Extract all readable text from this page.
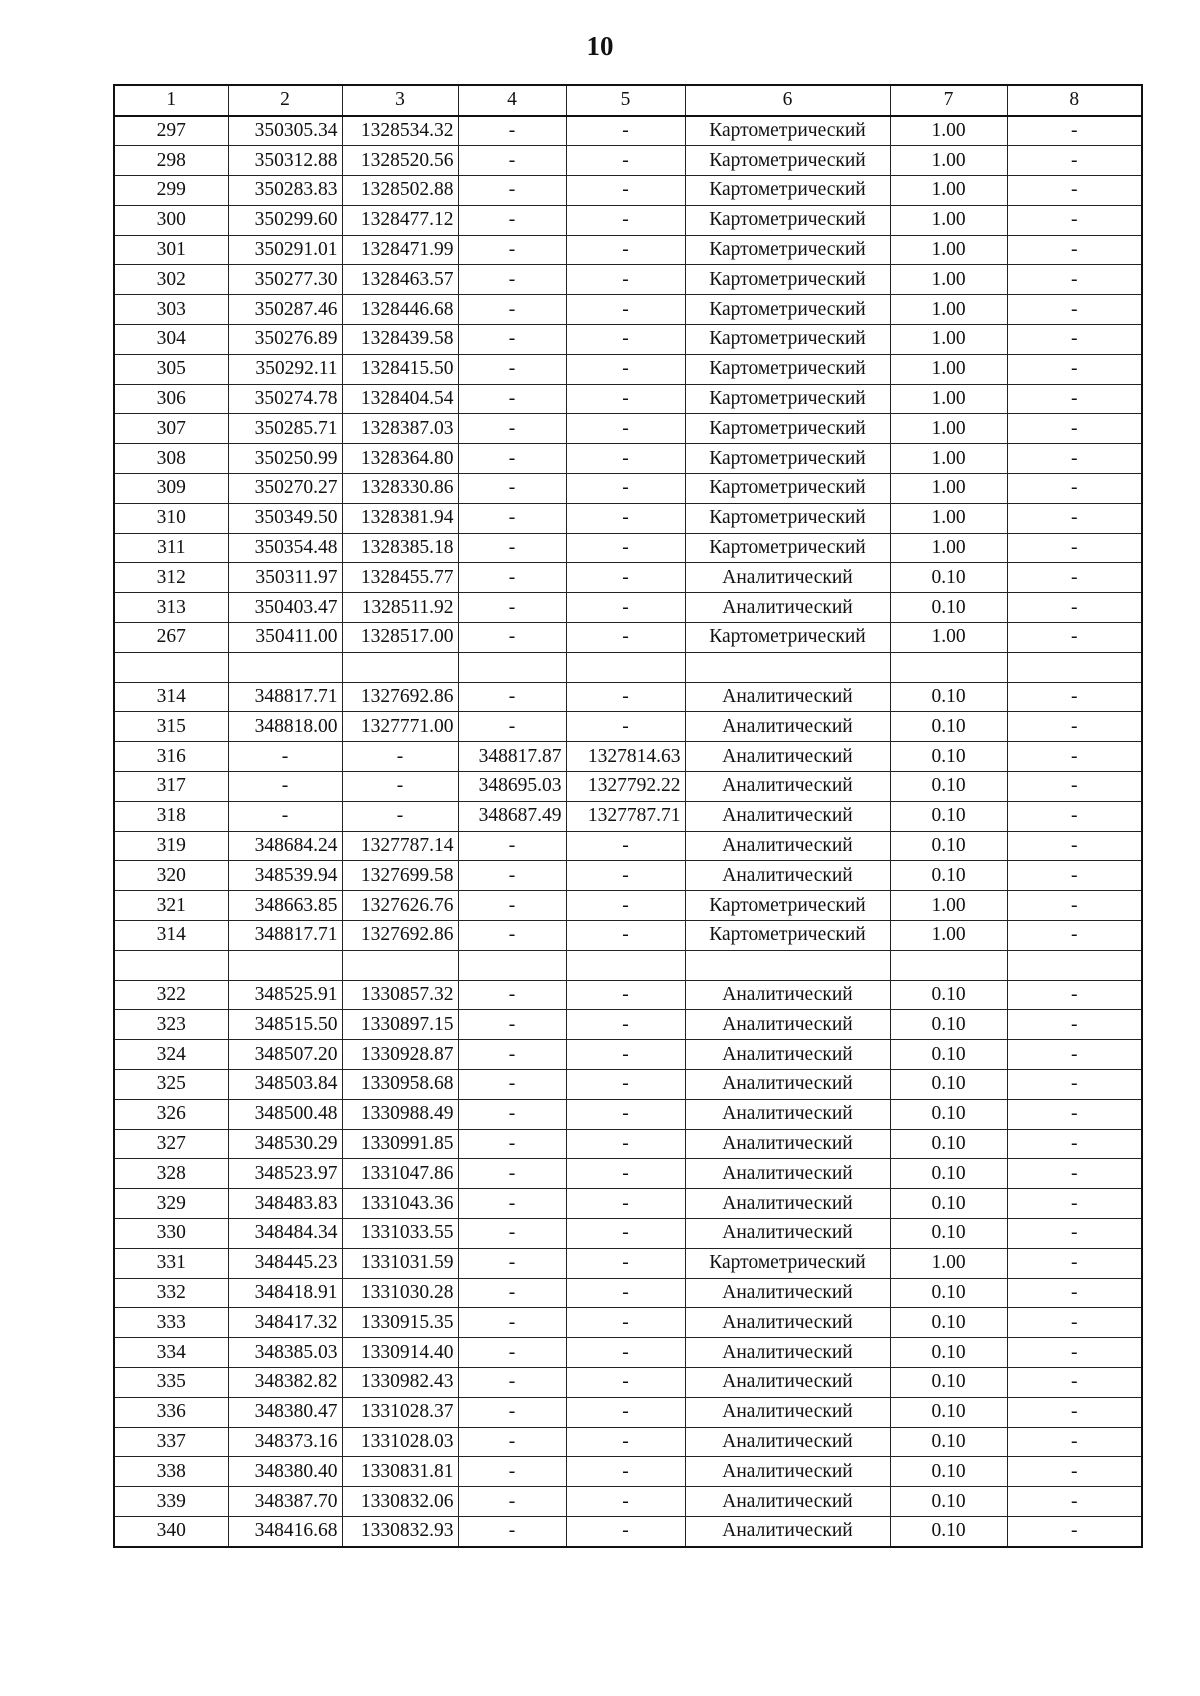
10
1	2	3	4	5	6	7	8
297	350305.34	1328534.32	-	-	Картометрический	1.00	-
298	350312.88	1328520.56	-	-	Картометрический	1.00	-
299	350283.83	1328502.88	-	-	Картометрический	1.00	-
300	350299.60	1328477.12	-	-	Картометрический	1.00	-
301	350291.01	1328471.99	-	-	Картометрический	1.00	-
302	350277.30	1328463.57	-	-	Картометрический	1.00	-
303	350287.46	1328446.68	-	-	Картометрический	1.00	-
304	350276.89	1328439.58	-	-	Картометрический	1.00	-
305	350292.11	1328415.50	-	-	Картометрический	1.00	-
306	350274.78	1328404.54	-	-	Картометрический	1.00	-
307	350285.71	1328387.03	-	-	Картометрический	1.00	-
308	350250.99	1328364.80	-	-	Картометрический	1.00	-
309	350270.27	1328330.86	-	-	Картометрический	1.00	-
310	350349.50	1328381.94	-	-	Картометрический	1.00	-
311	350354.48	1328385.18	-	-	Картометрический	1.00	-
312	350311.97	1328455.77	-	-	Аналитический	0.10	-
313	350403.47	1328511.92	-	-	Аналитический	0.10	-
267	350411.00	1328517.00	-	-	Картометрический	1.00	-

314	348817.71	1327692.86	-	-	Аналитический	0.10	-
315	348818.00	1327771.00	-	-	Аналитический	0.10	-
316	-	-	348817.87	1327814.63	Аналитический	0.10	-
317	-	-	348695.03	1327792.22	Аналитический	0.10	-
318	-	-	348687.49	1327787.71	Аналитический	0.10	-
319	348684.24	1327787.14	-	-	Аналитический	0.10	-
320	348539.94	1327699.58	-	-	Аналитический	0.10	-
321	348663.85	1327626.76	-	-	Картометрический	1.00	-
314	348817.71	1327692.86	-	-	Картометрический	1.00	-

322	348525.91	1330857.32	-	-	Аналитический	0.10	-
323	348515.50	1330897.15	-	-	Аналитический	0.10	-
324	348507.20	1330928.87	-	-	Аналитический	0.10	-
325	348503.84	1330958.68	-	-	Аналитический	0.10	-
326	348500.48	1330988.49	-	-	Аналитический	0.10	-
327	348530.29	1330991.85	-	-	Аналитический	0.10	-
328	348523.97	1331047.86	-	-	Аналитический	0.10	-
329	348483.83	1331043.36	-	-	Аналитический	0.10	-
330	348484.34	1331033.55	-	-	Аналитический	0.10	-
331	348445.23	1331031.59	-	-	Картометрический	1.00	-
332	348418.91	1331030.28	-	-	Аналитический	0.10	-
333	348417.32	1330915.35	-	-	Аналитический	0.10	-
334	348385.03	1330914.40	-	-	Аналитический	0.10	-
335	348382.82	1330982.43	-	-	Аналитический	0.10	-
336	348380.47	1331028.37	-	-	Аналитический	0.10	-
337	348373.16	1331028.03	-	-	Аналитический	0.10	-
338	348380.40	1330831.81	-	-	Аналитический	0.10	-
339	348387.70	1330832.06	-	-	Аналитический	0.10	-
340	348416.68	1330832.93	-	-	Аналитический	0.10	-
